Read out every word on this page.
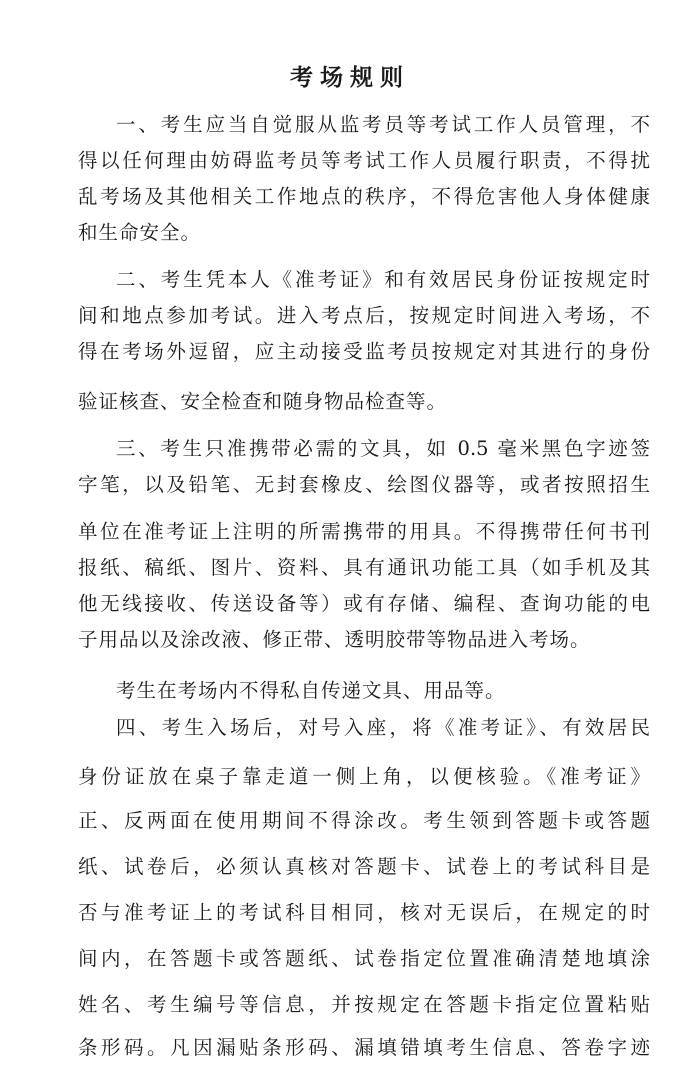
考场规则
一、考生应当自觉服从监考员等考试工作人员管理，不
得以任何理由妨碍监考员等考试工作人员履行职责，不得扰
乱考场及其他相关工作地点的秩序，不得危害他人身体健康
和生命安全。
二、考生凭本人《准考证》和有效居民身份证按规定时
间和地点参加考试。进入考点后，按规定时间进入考场，不
得在考场外逗留，应主动接受监考员按规定对其进行的身份
验证核查、安全检查和随身物品检查等。
三、考生只准携带必需的文具，如 0.5 毫米黑色字迹签
字笔，以及铅笔、无封套橡皮、绘图仪器等，或者按照招生
单位在准考证上注明的所需携带的用具。不得携带任何书刊
报纸、稿纸、图片、资料、具有通讯功能工具（如手机及其
他无线接收、传送设备等）或有存储、编程、查询功能的电
子用品以及涂改液、修正带、透明胶带等物品进入考场。
考生在考场内不得私自传递文具、用品等。
四、考生入场后，对号入座，将《准考证》、有效居民
身份证放在桌子靠走道一侧上角，以便核验。《准考证》
正、反两面在使用期间不得涂改。考生领到答题卡或答题
纸、试卷后，必须认真核对答题卡、试卷上的考试科目是
否与准考证上的考试科目相同，核对无误后，在规定的时
间内，在答题卡或答题纸、试卷指定位置准确清楚地填涂
姓名、考生编号等信息，并按规定在答题卡指定位置粘贴
条形码。凡因漏贴条形码、漏填错填考生信息、答卷字迹
